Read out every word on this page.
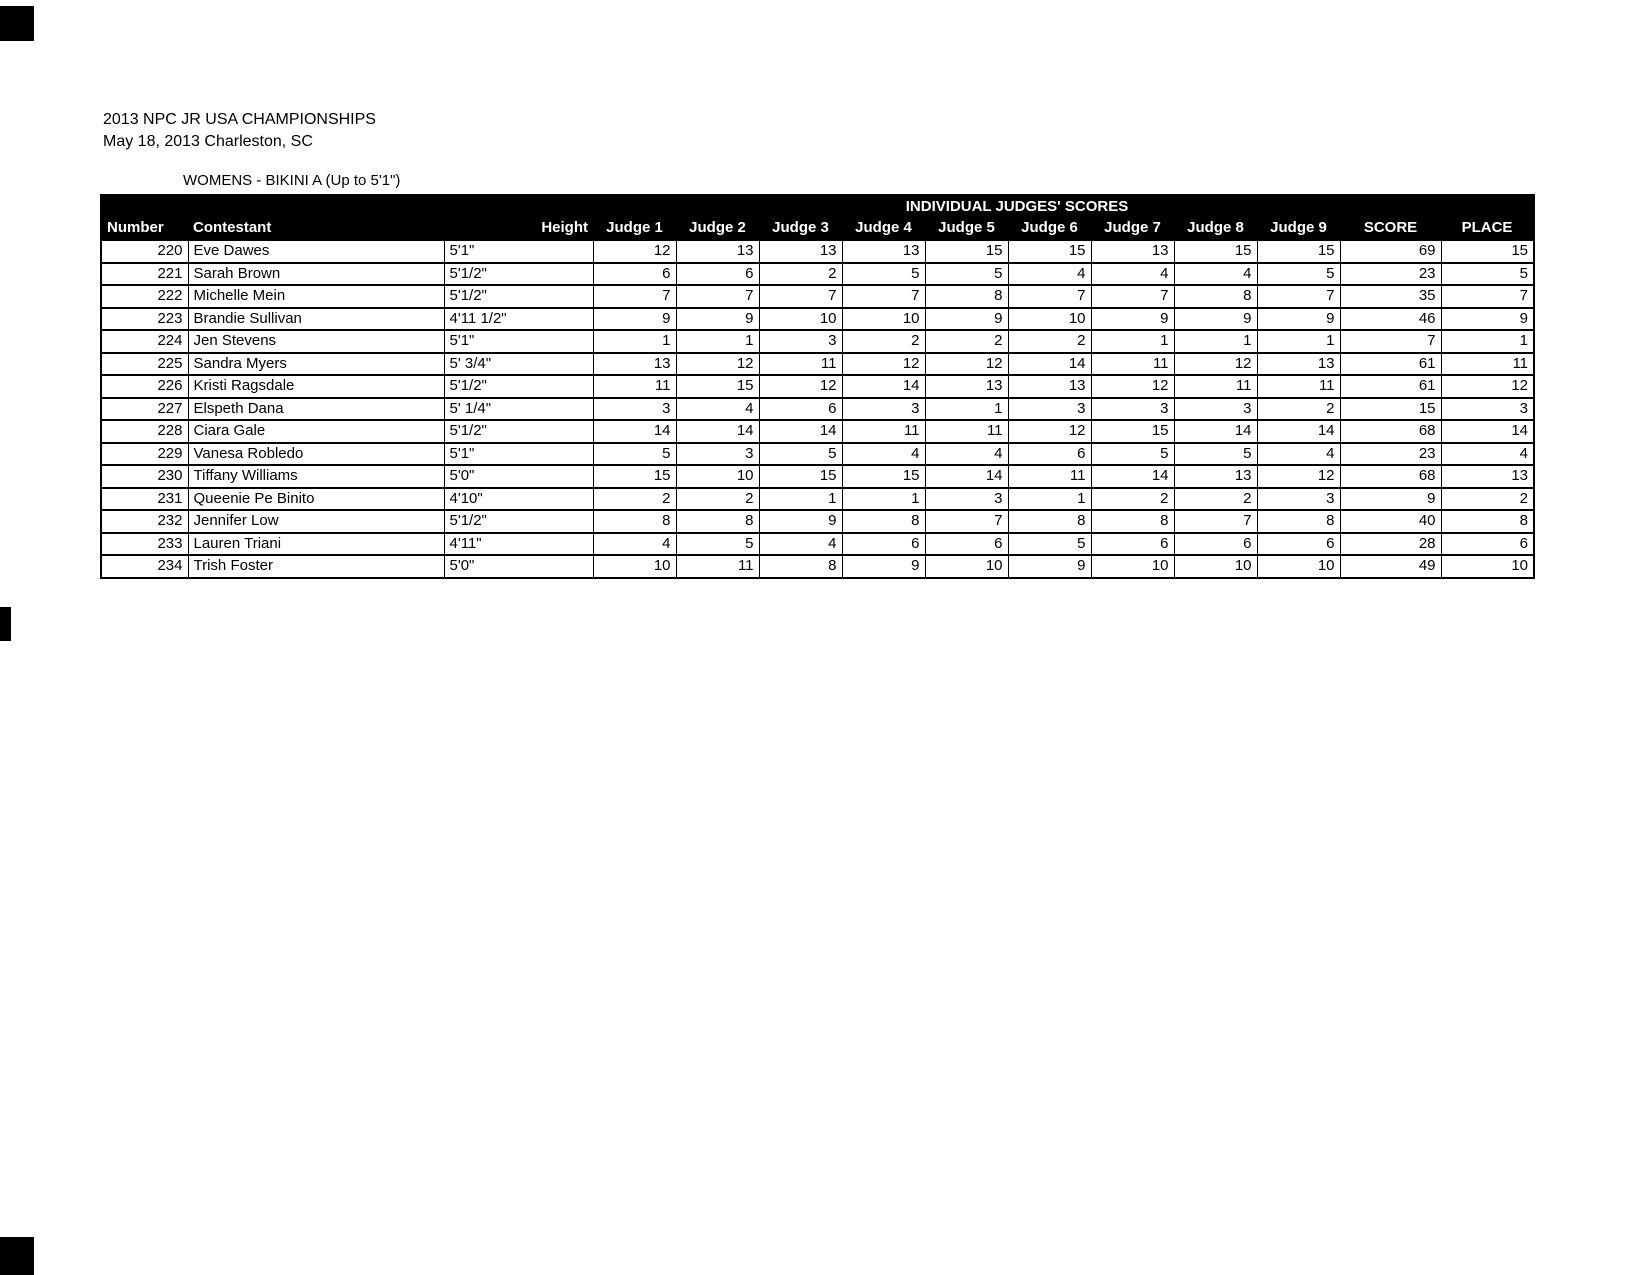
2013 NPC JR USA CHAMPIONSHIPS
May 18, 2013 Charleston, SC
WOMENS - BIKINI A (Up to 5'1")
			INDIVIDUAL JUDGES' SCORES										
Number	Contestant	Height	Judge 1	Judge 2	Judge 3	Judge 4	Judge 5	Judge 6	Judge 7	Judge 8	Judge 9	SCORE	PLACE
220	Eve Dawes	5'1"	12	13	13	13	15	15	13	15	15	69	15
221	Sarah Brown	5'1/2"	6	6	2	5	5	4	4	4	5	23	5
222	Michelle Mein	5'1/2"	7	7	7	7	8	7	7	8	7	35	7
223	Brandie Sullivan	4'11 1/2"	9	9	10	10	9	10	9	9	9	46	9
224	Jen Stevens	5'1"	1	1	3	2	2	2	1	1	1	7	1
225	Sandra Myers	5' 3/4"	13	12	11	12	12	14	11	12	13	61	11
226	Kristi Ragsdale	5'1/2"	11	15	12	14	13	13	12	11	11	61	12
227	Elspeth Dana	5' 1/4"	3	4	6	3	1	3	3	3	2	15	3
228	Ciara Gale	5'1/2"	14	14	14	11	11	12	15	14	14	68	14
229	Vanesa Robledo	5'1"	5	3	5	4	4	6	5	5	4	23	4
230	Tiffany Williams	5'0"	15	10	15	15	14	11	14	13	12	68	13
231	Queenie Pe Binito	4'10"	2	2	1	1	3	1	2	2	3	9	2
232	Jennifer Low	5'1/2"	8	8	9	8	7	8	8	7	8	40	8
233	Lauren Triani	4'11"	4	5	4	6	6	5	6	6	6	28	6
234	Trish Foster	5'0"	10	11	8	9	10	9	10	10	10	49	10
